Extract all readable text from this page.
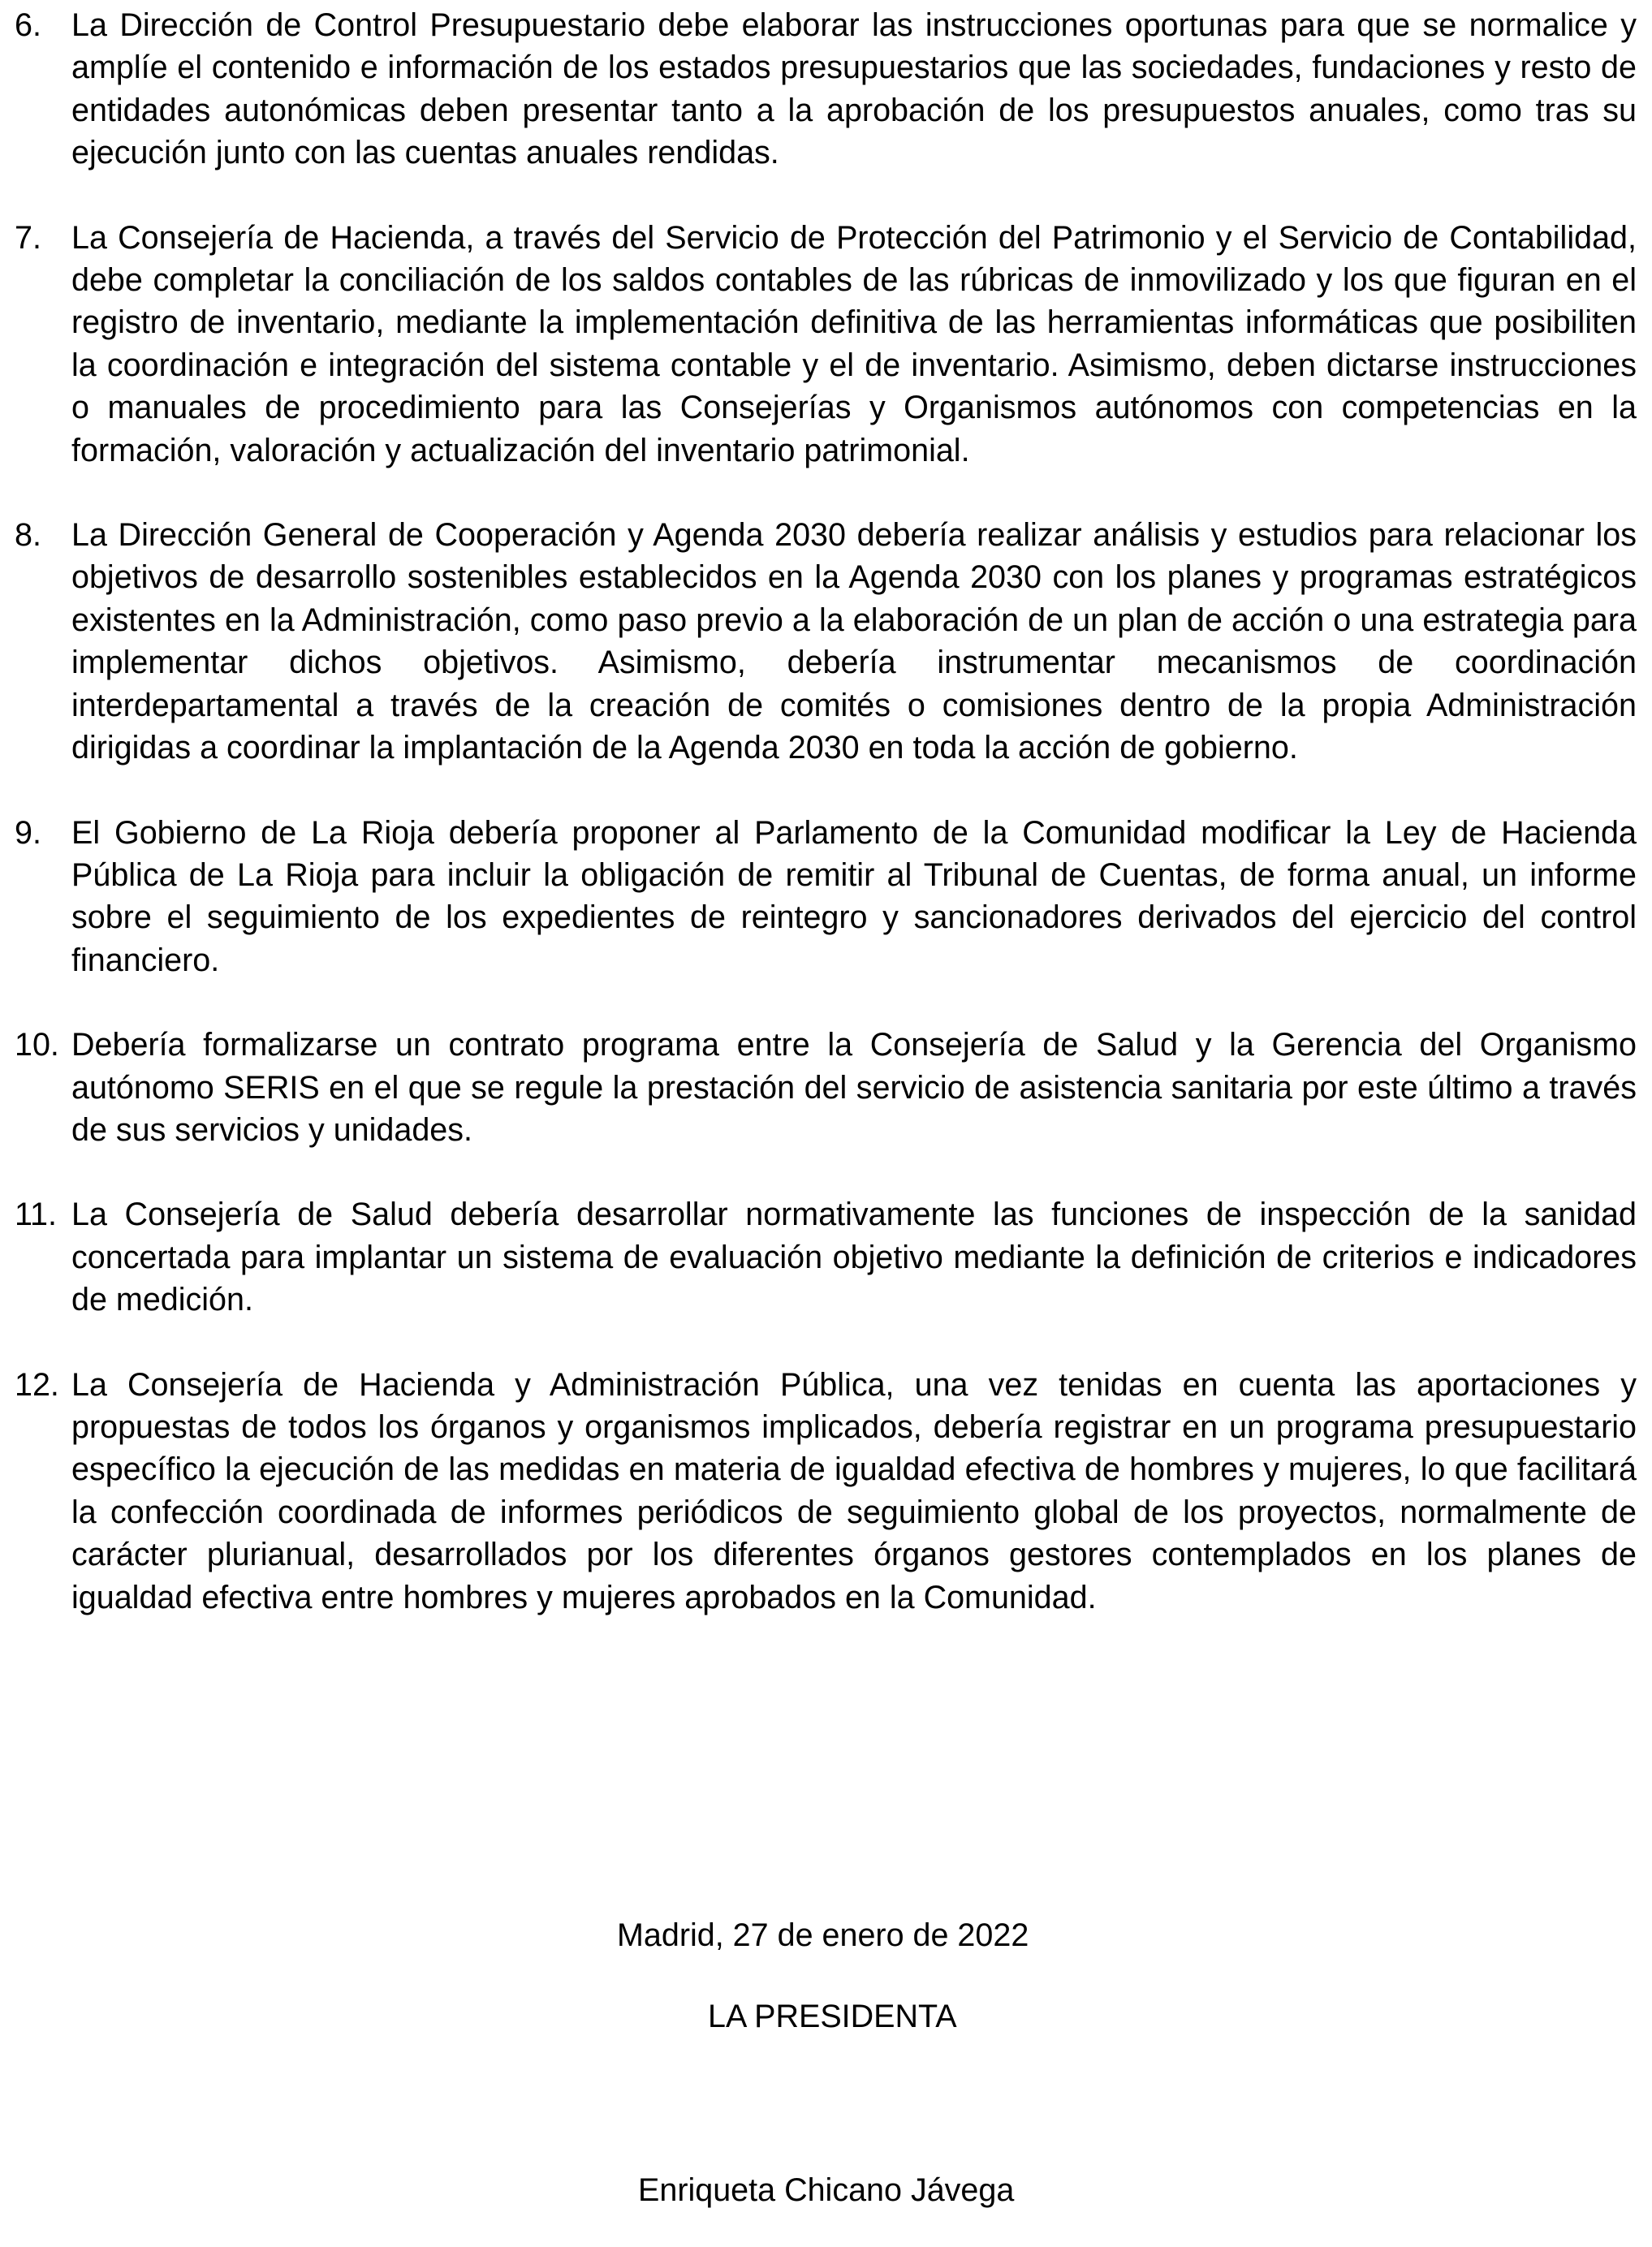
6. La Dirección de Control Presupuestario debe elaborar las instrucciones oportunas para que se normalice y amplíe el contenido e información de los estados presupuestarios que las sociedades, fundaciones y resto de entidades autonómicas deben presentar tanto a la aprobación de los presupuestos anuales, como tras su ejecución junto con las cuentas anuales rendidas.
7. La Consejería de Hacienda, a través del Servicio de Protección del Patrimonio y el Servicio de Contabilidad, debe completar la conciliación de los saldos contables de las rúbricas de inmovilizado y los que figuran en el registro de inventario, mediante la implementación definitiva de las herramientas informáticas que posibiliten la coordinación e integración del sistema contable y el de inventario. Asimismo, deben dictarse instrucciones o manuales de procedimiento para las Consejerías y Organismos autónomos con competencias en la formación, valoración y actualización del inventario patrimonial.
8. La Dirección General de Cooperación y Agenda 2030 debería realizar análisis y estudios para relacionar los objetivos de desarrollo sostenibles establecidos en la Agenda 2030 con los planes y programas estratégicos existentes en la Administración, como paso previo a la elaboración de un plan de acción o una estrategia para implementar dichos objetivos. Asimismo, debería instrumentar mecanismos de coordinación interdepartamental a través de la creación de comités o comisiones dentro de la propia Administración dirigidas a coordinar la implantación de la Agenda 2030 en toda la acción de gobierno.
9. El Gobierno de La Rioja debería proponer al Parlamento de la Comunidad modificar la Ley de Hacienda Pública de La Rioja para incluir la obligación de remitir al Tribunal de Cuentas, de forma anual, un informe sobre el seguimiento de los expedientes de reintegro y sancionadores derivados del ejercicio del control financiero.
10. Debería formalizarse un contrato programa entre la Consejería de Salud y la Gerencia del Organismo autónomo SERIS en el que se regule la prestación del servicio de asistencia sanitaria por este último a través de sus servicios y unidades.
11. La Consejería de Salud debería desarrollar normativamente las funciones de inspección de la sanidad concertada para implantar un sistema de evaluación objetivo mediante la definición de criterios e indicadores de medición.
12. La Consejería de Hacienda y Administración Pública, una vez tenidas en cuenta las aportaciones y propuestas de todos los órganos y organismos implicados, debería registrar en un programa presupuestario específico la ejecución de las medidas en materia de igualdad efectiva de hombres y mujeres, lo que facilitará la confección coordinada de informes periódicos de seguimiento global de los proyectos, normalmente de carácter plurianual, desarrollados por los diferentes órganos gestores contemplados en los planes de igualdad efectiva entre hombres y mujeres aprobados en la Comunidad.

Madrid, 27 de enero de 2022

LA PRESIDENTA

Enriqueta Chicano Jávega
